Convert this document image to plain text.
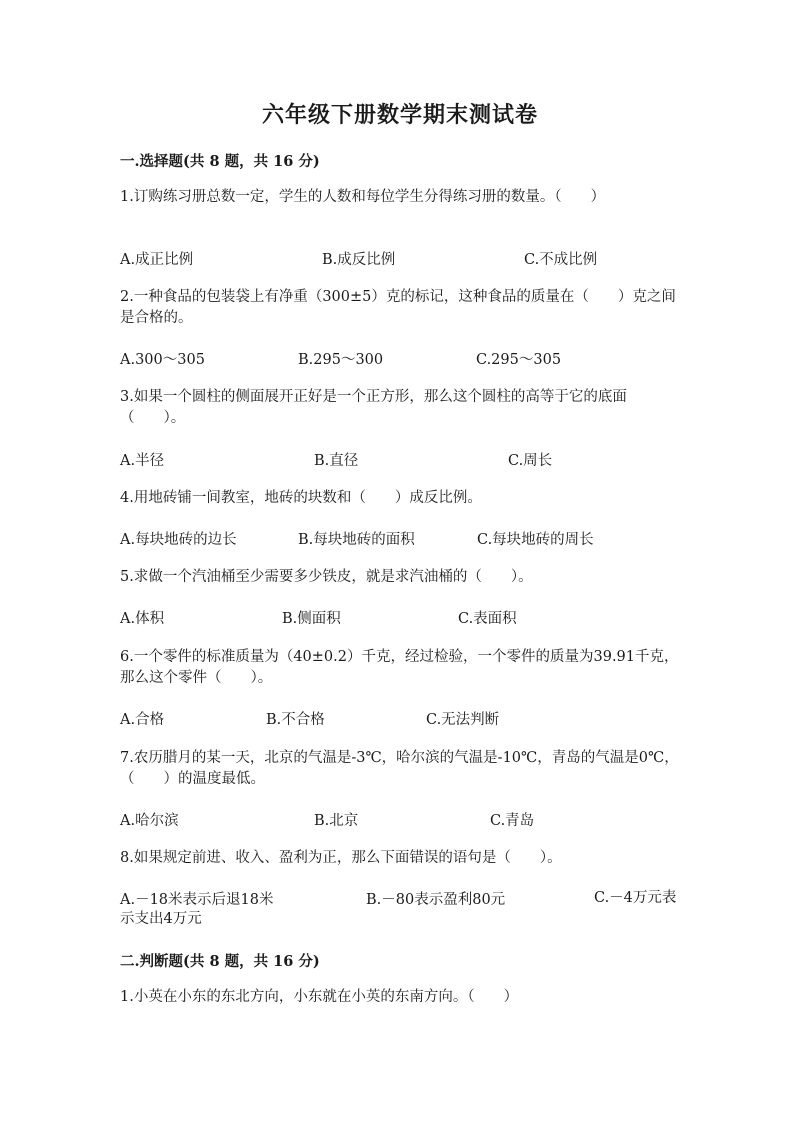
六年级下册数学期末测试卷
一.选择题(共 8 题，共 16 分)
1.订购练习册总数一定，学生的人数和每位学生分得练习册的数量。（　　）
A.成正比例	B.成反比例	C.不成比例
2.一种食品的包装袋上有净重（300±5）克的标记，这种食品的质量在（　　）克之间是合格的。
A.300～305	B.295～300	C.295～305
3.如果一个圆柱的侧面展开正好是一个正方形，那么这个圆柱的高等于它的底面（　　）。
A.半径	B.直径	C.周长
4.用地砖铺一间教室，地砖的块数和（　　）成反比例。
A.每块地砖的边长	B.每块地砖的面积	C.每块地砖的周长
5.求做一个汽油桶至少需要多少铁皮，就是求汽油桶的（　　）。
A.体积	B.侧面积	C.表面积
6.一个零件的标准质量为（40±0.2）千克，经过检验，一个零件的质量为39.91千克，那么这个零件（　　）。
A.合格	B.不合格	C.无法判断
7.农历腊月的某一天，北京的气温是-3℃，哈尔滨的气温是-10℃，青岛的气温是0℃，（　　）的温度最低。
A.哈尔滨	B.北京	C.青岛
8.如果规定前进、收入、盈利为正，那么下面错误的语句是（　　）。
A.－18米表示后退18米	B.－80表示盈利80元	C.－4万元表示支出4万元
二.判断题(共 8 题，共 16 分)
1.小英在小东的东北方向，小东就在小英的东南方向。（　　）
